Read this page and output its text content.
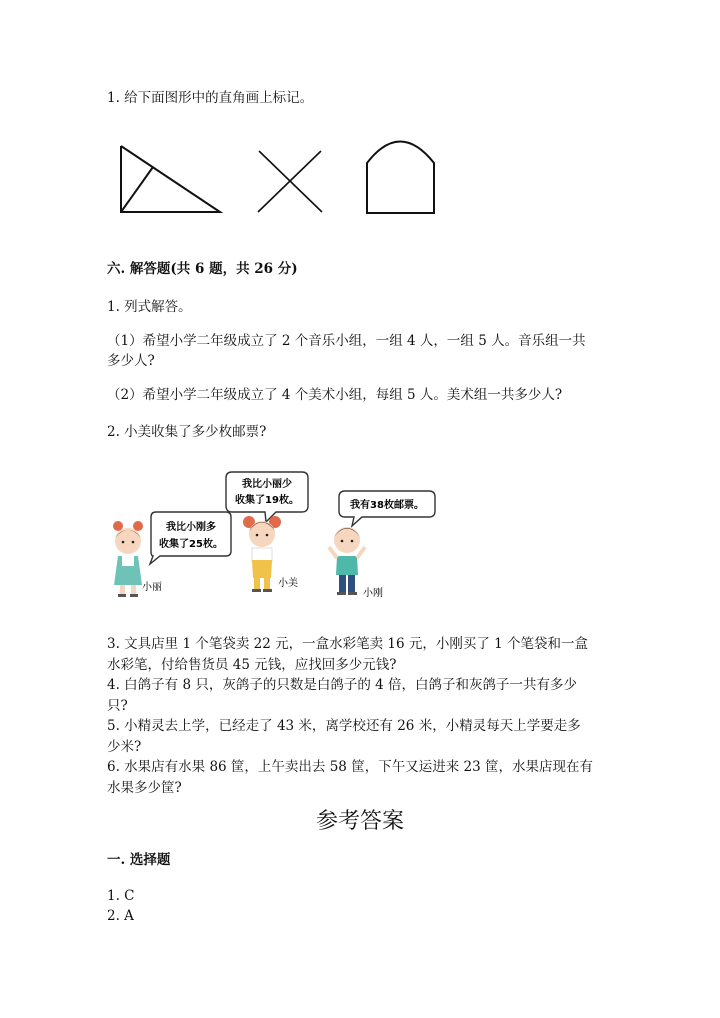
1. 给下面图形中的直角画上标记。
六. 解答题(共 6 题，共 26 分)
1. 列式解答。
（1）希望小学二年级成立了 2 个音乐小组，一组 4 人，一组 5 人。音乐组一共
多少人?
（2）希望小学二年级成立了 4 个美术小组，每组 5 人。美术组一共多少人?
2. 小美收集了多少枚邮票?
我比小刚多
收集了25枚。
我比小丽少
收集了19枚。	我有38枚邮票。
小丽	小美
小刚
3. 文具店里 1 个笔袋卖 22 元，一盒水彩笔卖 16 元，小刚买了 1 个笔袋和一盒
水彩笔，付给售货员 45 元钱，应找回多少元钱?
4. 白鸽子有 8 只，灰鸽子的只数是白鸽子的 4 倍，白鸽子和灰鸽子一共有多少
只?
5. 小精灵去上学，已经走了 43 米，离学校还有 26 米，小精灵每天上学要走多
少米?
6. 水果店有水果 86 筐，上午卖出去 58 筐，下午又运进来 23 筐，水果店现在有
水果多少筐?
参考答案
一. 选择题
1. C
2. A
